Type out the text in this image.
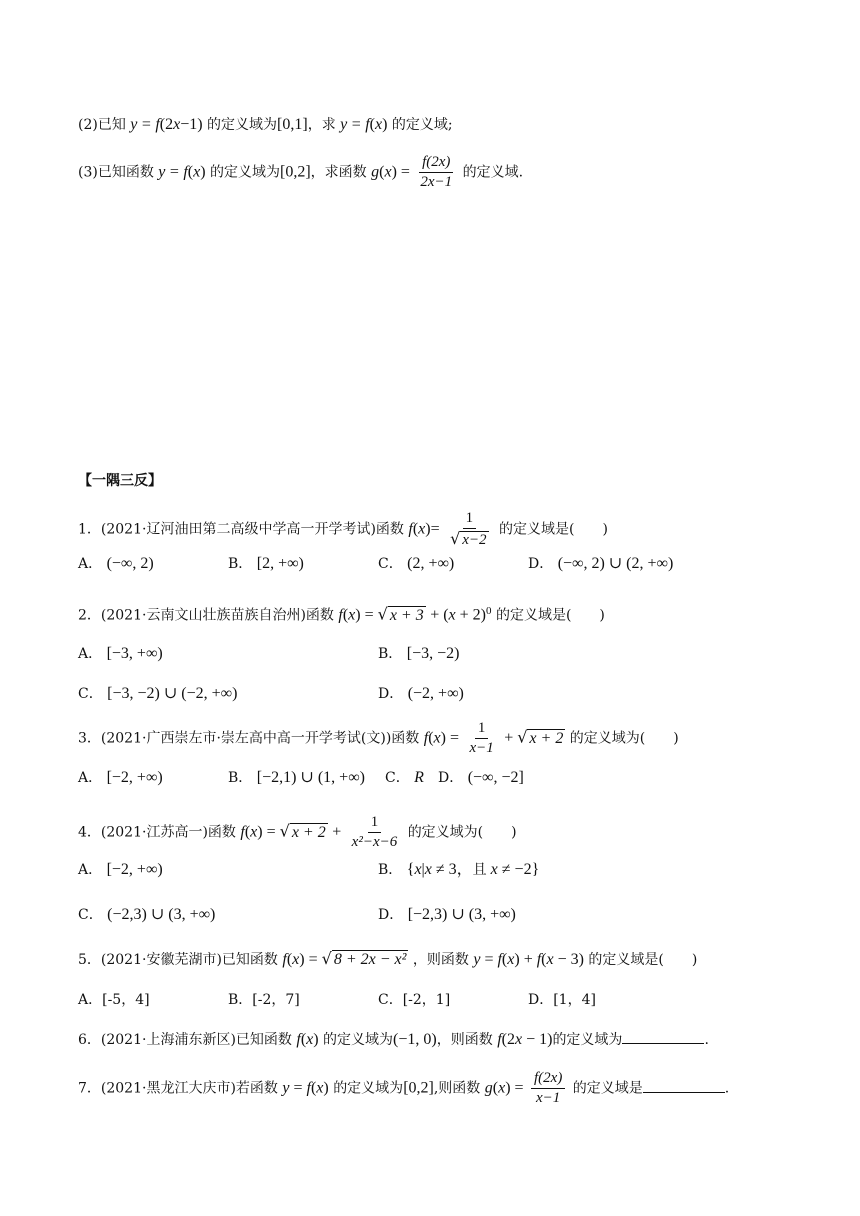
(2)已知 y = f(2x−1) 的定义域为[0,1]，求 y = f(x) 的定义域;
(3)已知函数 y = f(x) 的定义域为[0,2]，求函数 $g(x) = \frac{f(2x)}{2x-1}$ 的定义域.
【一隅三反】
1．(2021·辽河油田第二高级中学高一开学考试)函数 $f(x)= \frac{1}{√ x-2}$ 的定义域是(　　)
A． (−∞, 2)	B． [2, +∞)	C． (2, +∞)	D． (−∞, 2) ∪ (2, +∞)
2．(2021·云南文山壮族苗族自治州)函数 f(x) = √ $x + 3 + (x + 2)^0$ 的定义域是(　　)
A． [−3, +∞)	B． [−3, −2)
C． [−3, −2) ∪ (−2, +∞)	D． (−2, +∞)
3．(2021·广西崇左市·崇左高中高一开学考试(文))函数 $f(x) = \frac{1}{x-1}$ + √ x + 2 的定义域为(　　)
A． [−2, +∞)	B． [−2,1) ∪ (1, +∞) C． R D． (−∞, −2]
4．(2021·江苏高一)函数 f(x) = √ $x + 2 + \frac{1}{\text{x²−x−6}}$ 的定义域为(　　)
A． [−2, +∞)	B． {x|x ≠ 3，且 x ≠ −2}
C． (−2,3) ∪ (3, +∞)	D． [−2,3) ∪ (3, +∞)
5．(2021·安徽芜湖市)已知函数 f(x) = √ 8 + 2x − x² ，则函数 y = f(x) + f(x − 3) 的定义域是(　　)
A．[-5，4]	B．[-2，7]	C．[-2，1]	D．[1，4]
6．(2021·上海浦东新区)已知函数 f(x) 的定义域为(−1, 0)，则函数 f(2x − 1)的定义域为	.
7．(2021·黑龙江大庆市)若函数 y = f(x) 的定义域为[0,2],则函数 $g(x) = \frac{f(2x)}{x-1}$ 的定义域是	.
